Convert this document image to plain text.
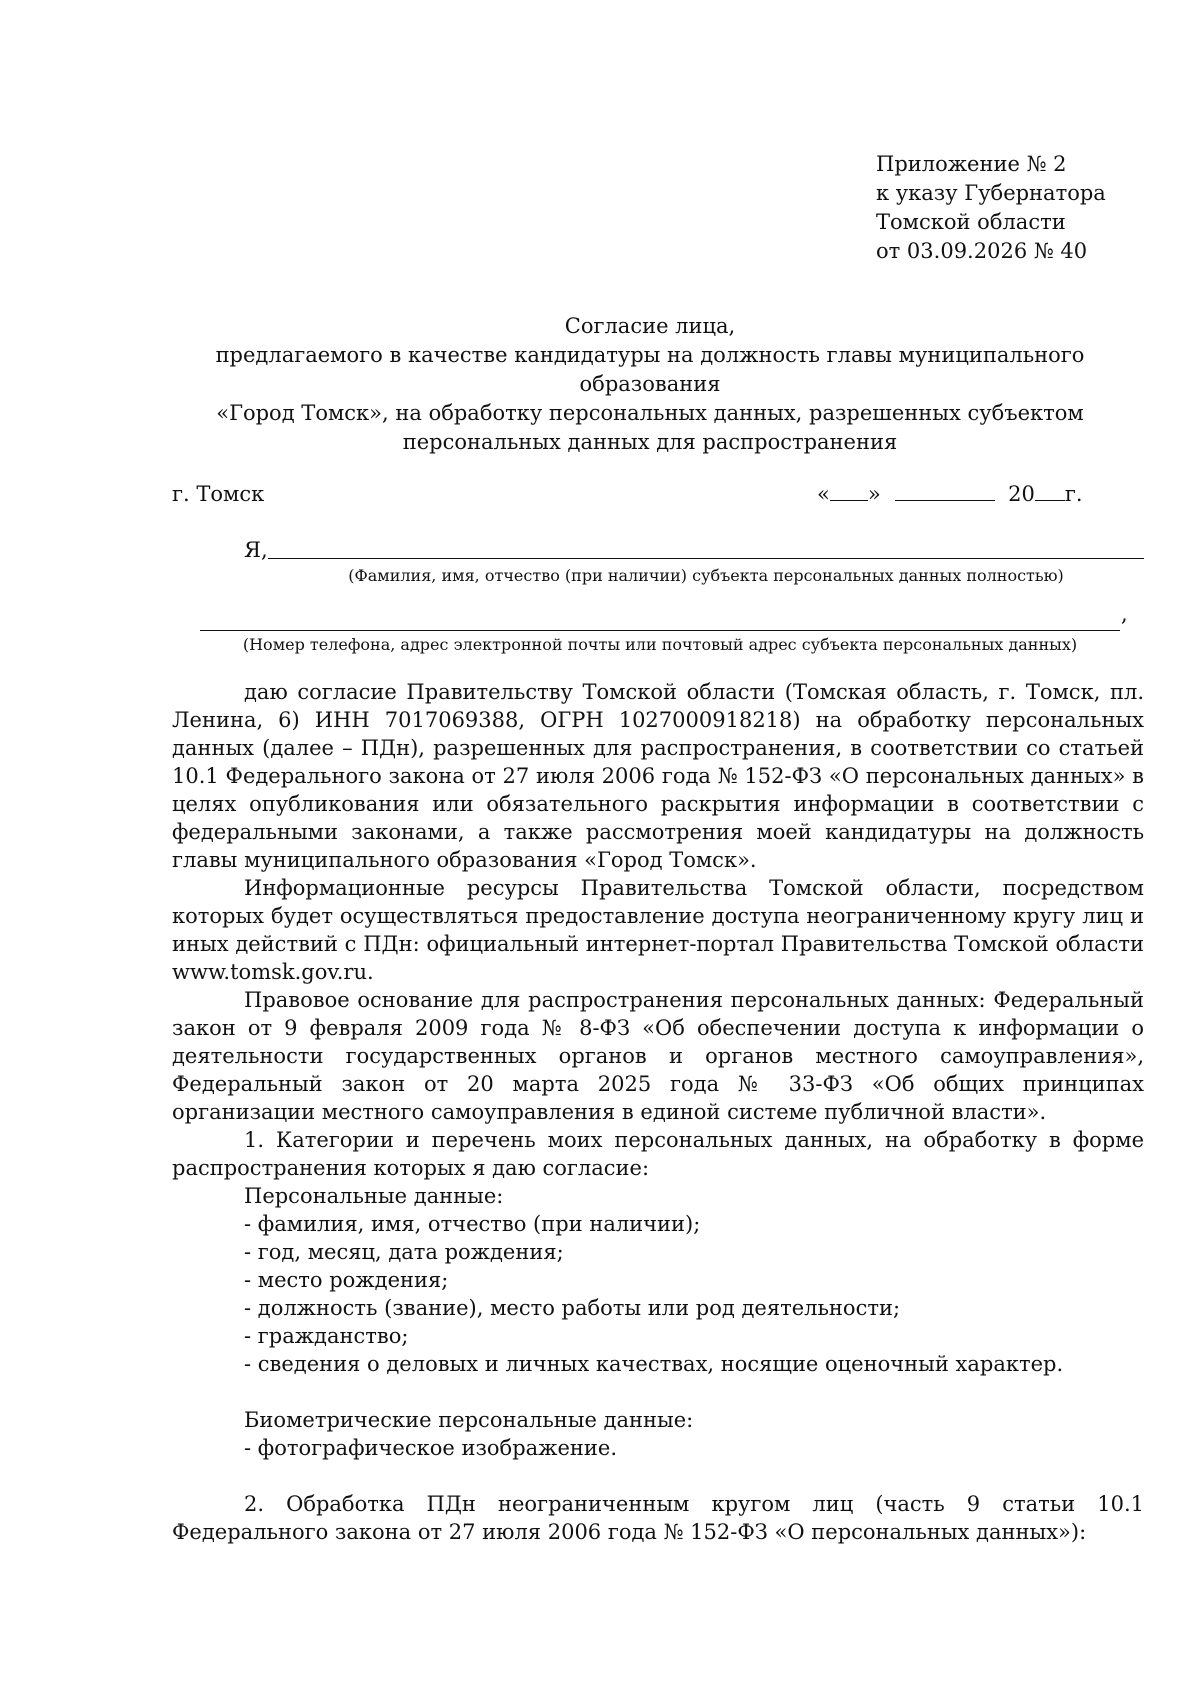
Приложение № 2
к указу Губернатора
Томской области
от 03.09.2026 № 40
Согласие лица,
предлагаемого в качестве кандидатуры на должность главы муниципального образования
«Город Томск», на обработку персональных данных, разрешенных субъектом
персональных данных для распространения
г. Томск	« »	20 г.
Я,
(Фамилия, имя, отчество (при наличии) субъекта персональных данных полностью)
,
(Номер телефона, адрес электронной почты или почтовый адрес субъекта персональных данных)

даю согласие Правительству Томской области (Томская область, г. Томск, пл. Ленина, 6) ИНН 7017069388, ОГРН 1027000918218) на обработку персональных данных (далее – ПДн), разрешенных для распространения, в соответствии со статьей 10.1 Федерального закона от 27 июля 2006 года № 152-ФЗ «О персональных данных» в целях опубликования или обязательного раскрытия информации в соответствии с федеральными законами, а также рассмотрения моей кандидатуры на должность главы муниципального образования «Город Томск».

Информационные ресурсы Правительства Томской области, посредством которых будет осуществляться предоставление доступа неограниченному кругу лиц и иных действий с ПДн: официальный интернет-портал Правительства Томской области www.tomsk.gov.ru.

Правовое основание для распространения персональных данных: Федеральный закон от 9 февраля 2009 года № 8-ФЗ «Об обеспечении доступа к информации о деятельности государственных органов и органов местного самоуправления», Федеральный закон от 20 марта 2025 года № 33-ФЗ «Об общих принципах организации местного самоуправления в единой системе публичной власти».

1. Категории и перечень моих персональных данных, на обработку в форме распространения которых я даю согласие:

Персональные данные:
- фамилия, имя, отчество (при наличии);
- год, месяц, дата рождения;
- место рождения;
- должность (звание), место работы или род деятельности;
- гражданство;
- сведения о деловых и личных качествах, носящие оценочный характер.
Биометрические персональные данные:
- фотографическое изображение.

2. Обработка ПДн неограниченным кругом лиц (часть 9 статьи 10.1 Федерального закона от 27 июля 2006 года № 152-ФЗ «О персональных данных»):
